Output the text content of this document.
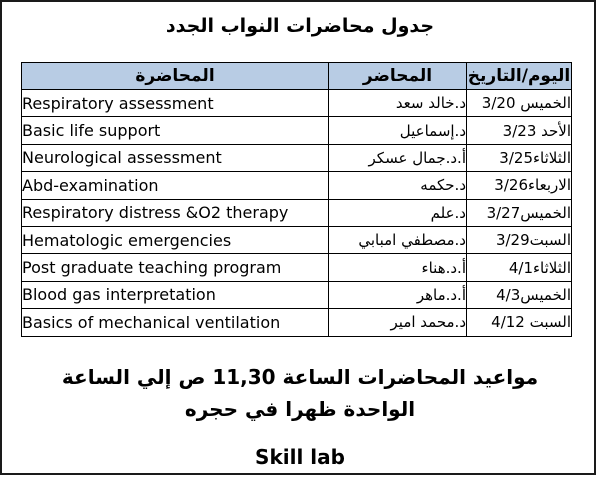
جدول محاضرات النواب الجدد
المحاضرة	المحاضر	اليوم/التاريخ
Respiratory assessment	د.خالد سعد	الخميس 3/20
Basic life support	د.إسماعيل	الأحد 3/23
Neurological assessment	أ.د.جمال عسكر	الثلاثاء3/25
Abd-examination	د.حكمه	الاربعاء3/26
Respiratory distress &O2 therapy	د.علم	الخميس3/27
Hematologic emergencies	د.مصطفي امبابي	السبت3/29
Post graduate teaching program	أ.د.هناء	الثلاثاء4/1
Blood gas interpretation	أ.د.ماهر	الخميس4/3
Basics of mechanical ventilation	د.محمد امير	السبت 4/12
مواعيد المحاضرات الساعة 11,30 ص إلي الساعة
الواحدة ظهرا في حجره
Skill lab
